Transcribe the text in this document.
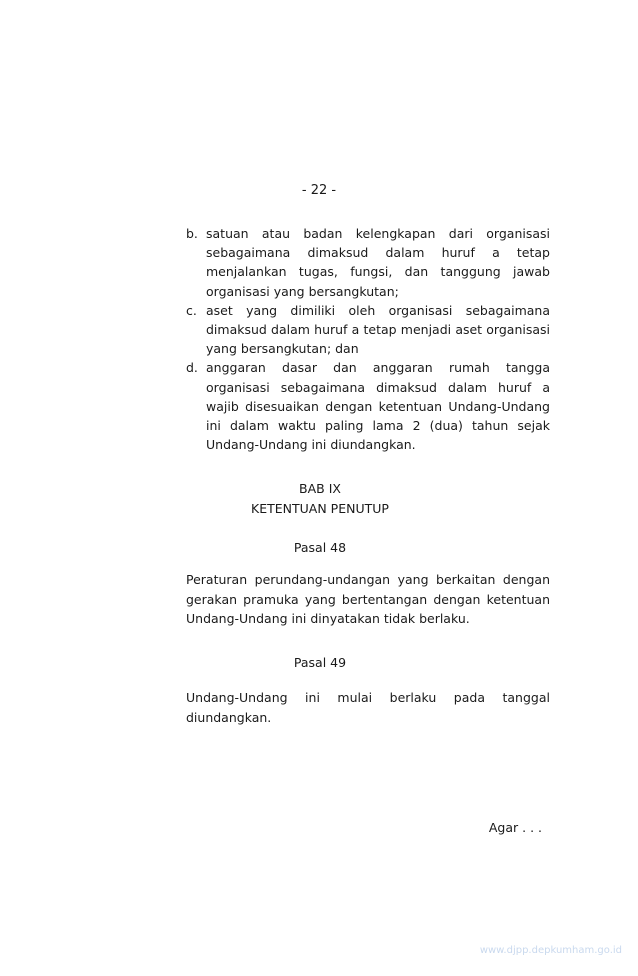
- 22 -
b. satuan atau badan kelengkapan dari organisasi sebagaimana dimaksud dalam huruf a tetap menjalankan tugas, fungsi, dan tanggung jawab organisasi yang bersangkutan;
c. aset yang dimiliki oleh organisasi sebagaimana dimaksud dalam huruf a tetap menjadi aset organisasi yang bersangkutan; dan
d. anggaran dasar dan anggaran rumah tangga organisasi sebagaimana dimaksud dalam huruf a wajib disesuaikan dengan ketentuan Undang-Undang ini dalam waktu paling lama 2 (dua) tahun sejak Undang-Undang ini diundangkan.
BAB IX
KETENTUAN PENUTUP
Pasal 48
Peraturan perundang-undangan yang berkaitan dengan gerakan pramuka yang bertentangan dengan ketentuan Undang-Undang ini dinyatakan tidak berlaku.
Pasal 49
Undang-Undang ini mulai berlaku pada tanggal
diundangkan.
Agar . . .
www.djpp.depkumham.go.id
